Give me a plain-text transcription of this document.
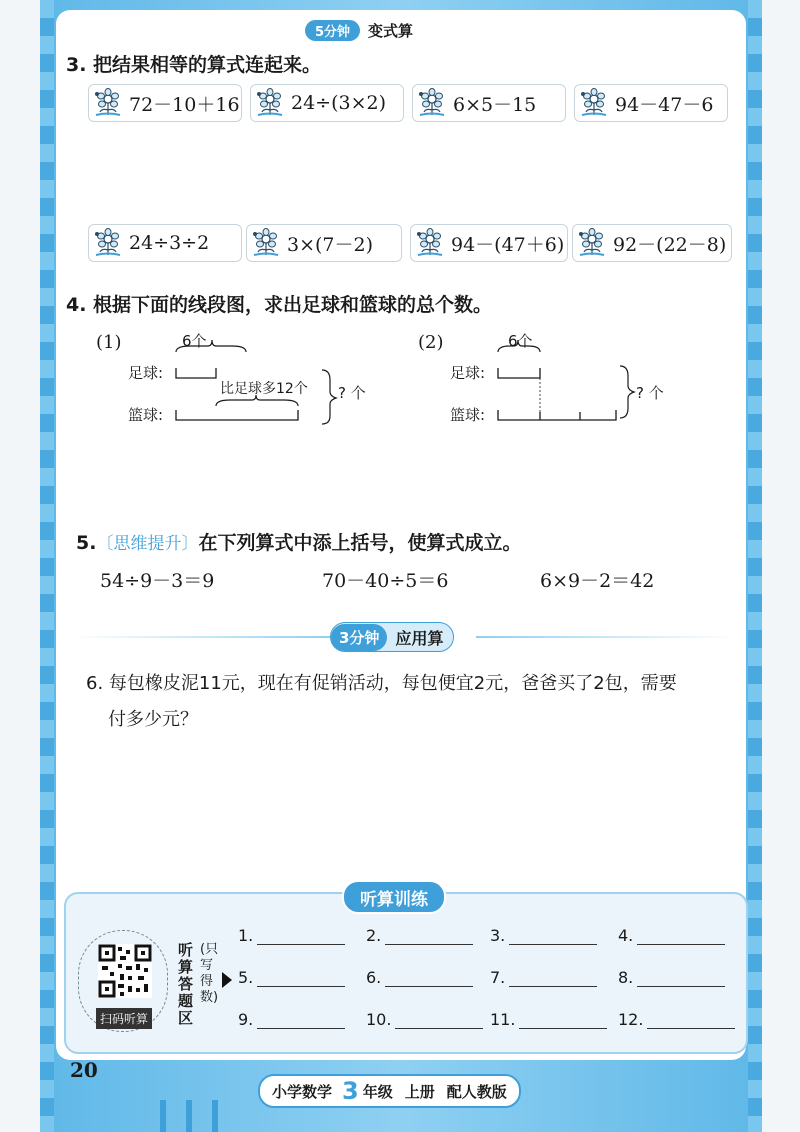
5分钟	变式算
3. 把结果相等的算式连起来。
72－10＋16	24÷(3×2)	6×5－15	94－47－6
24÷3÷2	3×(7－2)	94－(47＋6)	92－(22－8)
4. 根据下面的线段图，求出足球和篮球的总个数。
(1)	6个
足球:
篮球:
比足球多12个 ? 个
(2)	6个
足球:
篮球:
? 个
5.〔思维提升〕在下列算式中添上括号，使算式成立。
54÷9－3＝9	70－40÷5＝6	6×9－2＝42
3分钟	应用算
6. 每包橡皮泥11元，现在有促销活动，每包便宜2元，爸爸买了2包，需要
付多少元？
听算训练
扫码听算
听算答题区
(只写得数)
1.	2.	3.	4.
5.	6.	7.	8.
9.	10.	11.	12.
20
小学数学 3 年级 上册 配人教版
